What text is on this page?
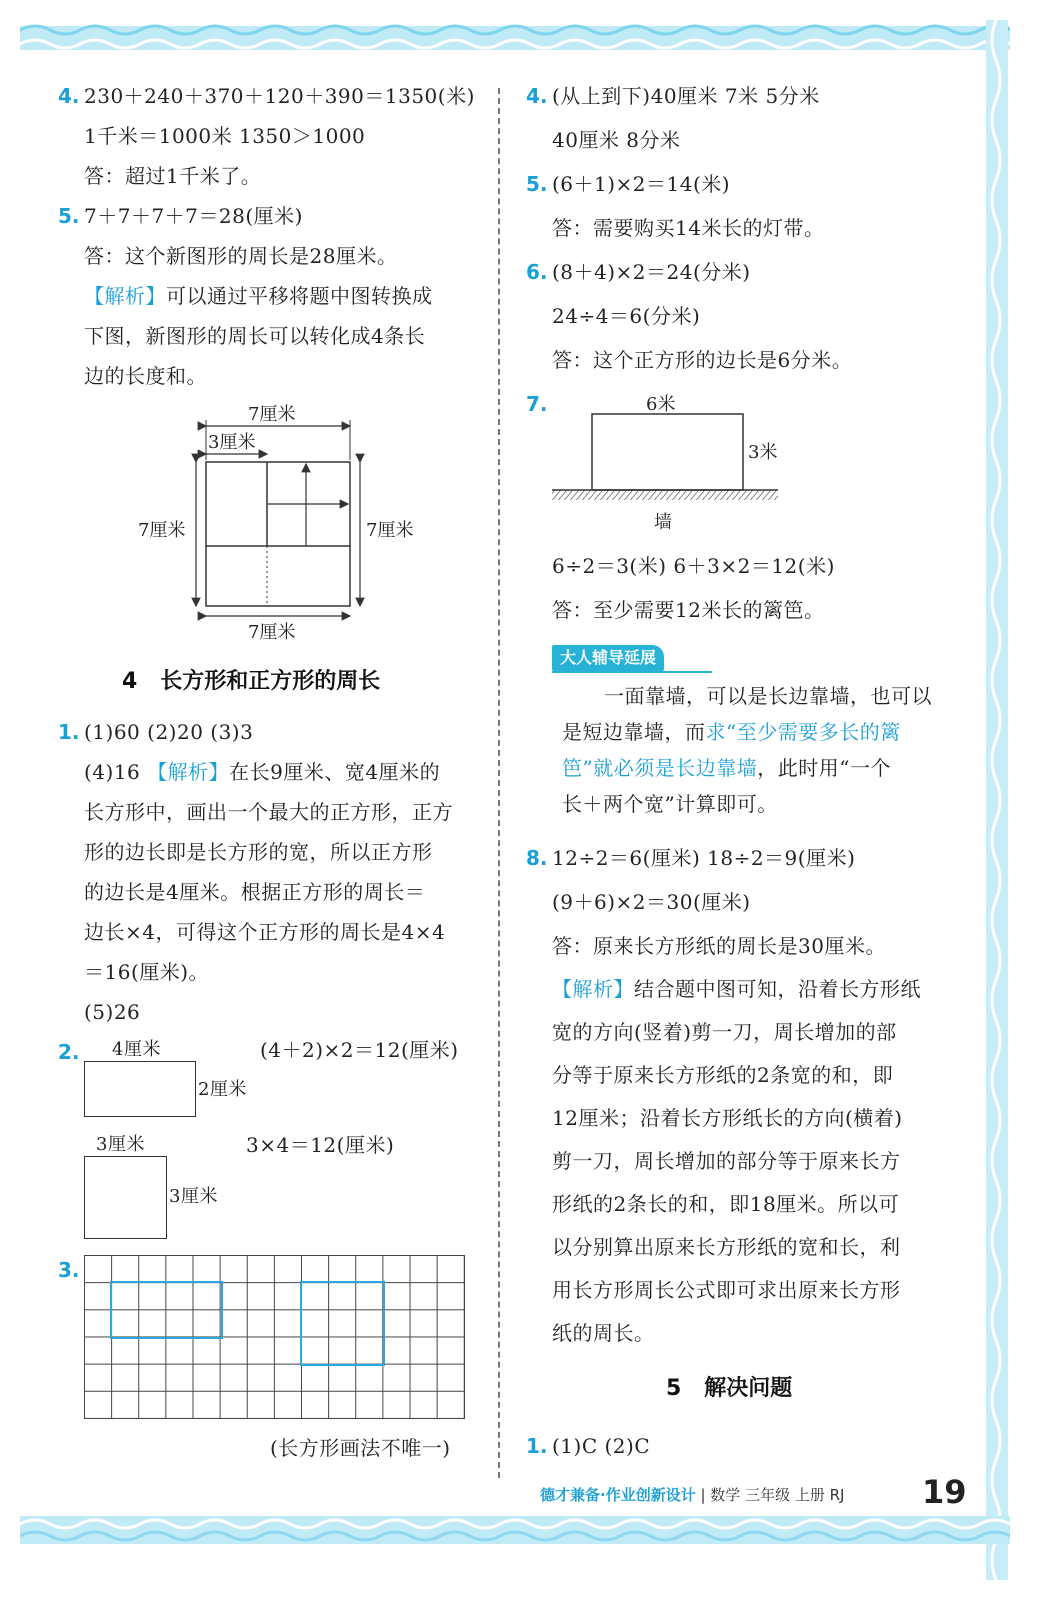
4. 230＋240＋370＋120＋390＝1350(米)
1千米＝1000米 1350＞1000
答：超过1千米了。
5. 7＋7＋7＋7＝28(厘米)
答：这个新图形的周长是28厘米。
【解析】可以通过平移将题中图转换成
下图，新图形的周长可以转化成4条长
边的长度和。
7厘米
3厘米
7厘米	7厘米
7厘米
4 长方形和正方形的周长
1. (1)60 (2)20 (3)3
(4)16 【解析】在长9厘米、宽4厘米的
长方形中，画出一个最大的正方形，正方
形的边长即是长方形的宽，所以正方形
的边长是4厘米。根据正方形的周长＝
边长×4，可得这个正方形的周长是4×4
＝16(厘米)。
(5)26
2. 4厘米
2厘米
(4＋2)×2＝12(厘米)
3厘米
3厘米
3×4＝12(厘米)
3.
(长方形画法不唯一)
4. (从上到下)40厘米 7米 5分米
40厘米 8分米
5. (6＋1)×2＝14(米)
答：需要购买14米长的灯带。
6. (8＋4)×2＝24(分米)
24÷4＝6(分米)
答：这个正方形的边长是6分米。
7.	6米
3米
墙
6÷2＝3(米) 6＋3×2＝12(米)
答：至少需要12米长的篱笆。
大人辅导延展
一面靠墙，可以是长边靠墙，也可以
是短边靠墙，而求“至少需要多长的篱
笆”就必须是长边靠墙，此时用“一个
长＋两个宽”计算即可。
8. 12÷2＝6(厘米) 18÷2＝9(厘米)
(9＋6)×2＝30(厘米)
答：原来长方形纸的周长是30厘米。
【解析】结合题中图可知，沿着长方形纸
宽的方向(竖着)剪一刀，周长增加的部
分等于原来长方形纸的2条宽的和，即
12厘米；沿着长方形纸长的方向(横着)
剪一刀，周长增加的部分等于原来长方
形纸的2条长的和，即18厘米。所以可
以分别算出原来长方形纸的宽和长，利
用长方形周长公式即可求出原来长方形
纸的周长。
5 解决问题
1. (1)C (2)C
德才兼备·作业创新设计 | 数学 三年级 上册 RJ 19
